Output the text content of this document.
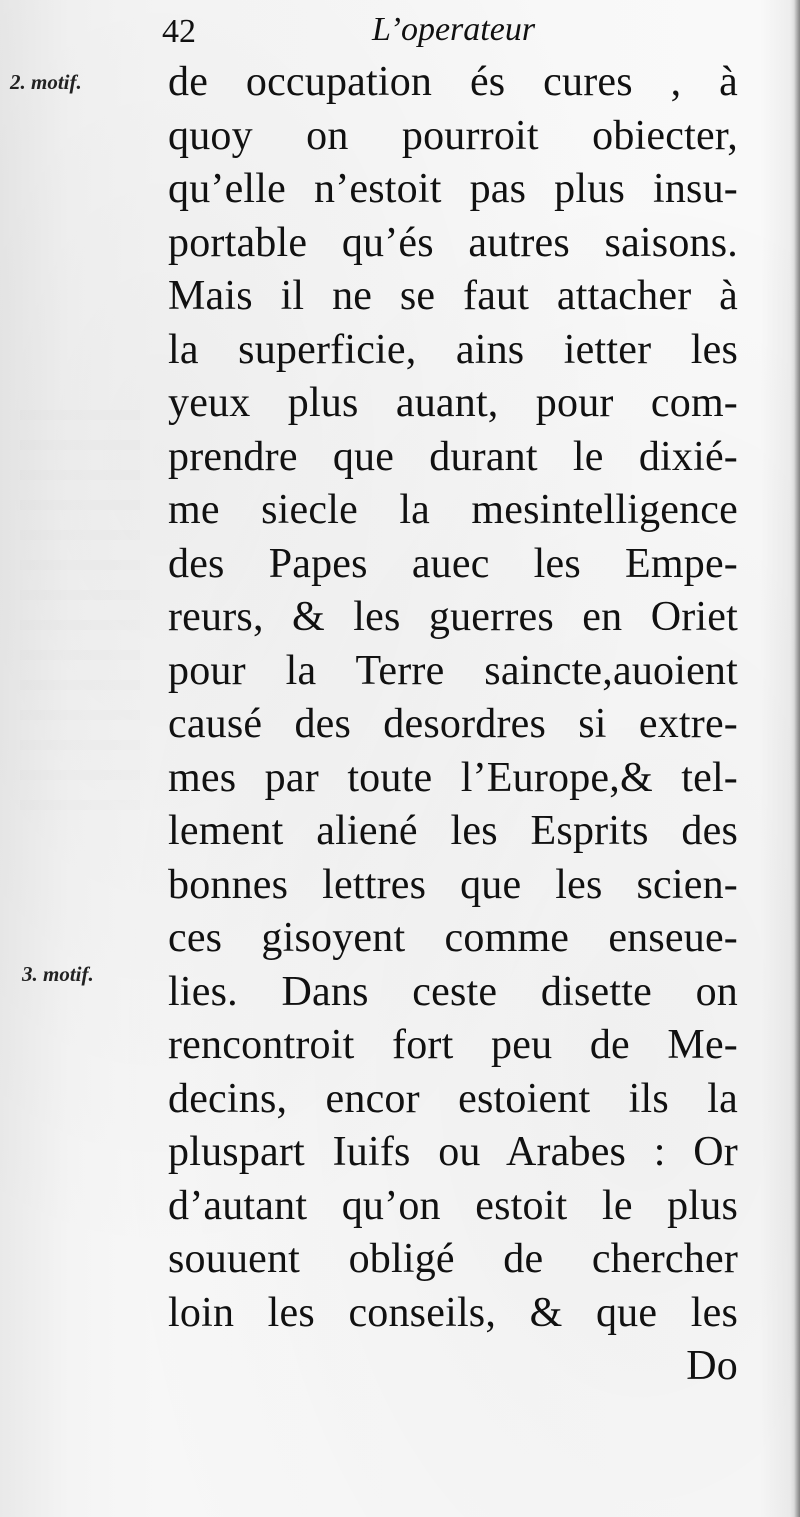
42	L’operateur
2. motif.
3. motif.
de occupation és cures , à
quoy on pourroit obiecter,
qu’elle n’estoit pas plus insu-
portable qu’és autres saisons.
Mais il ne se faut attacher à
la superficie, ains ietter les
yeux plus auant, pour com-
prendre que durant le dixié-
me siecle la mesintelligence
des Papes auec les Empe-
reurs, & les guerres en Oriet
pour la Terre saincte,auoient
causé des desordres si extre-
mes par toute l’Europe,& tel-
lement aliené les Esprits des
bonnes lettres que les scien-
ces gisoyent comme enseue-
lies. Dans ceste disette on
rencontroit fort peu de Me-
decins, encor estoient ils la
pluspart Iuifs ou Arabes : Or
d’autant qu’on estoit le plus
souuent obligé de chercher
loin les conseils, & que les
Do
